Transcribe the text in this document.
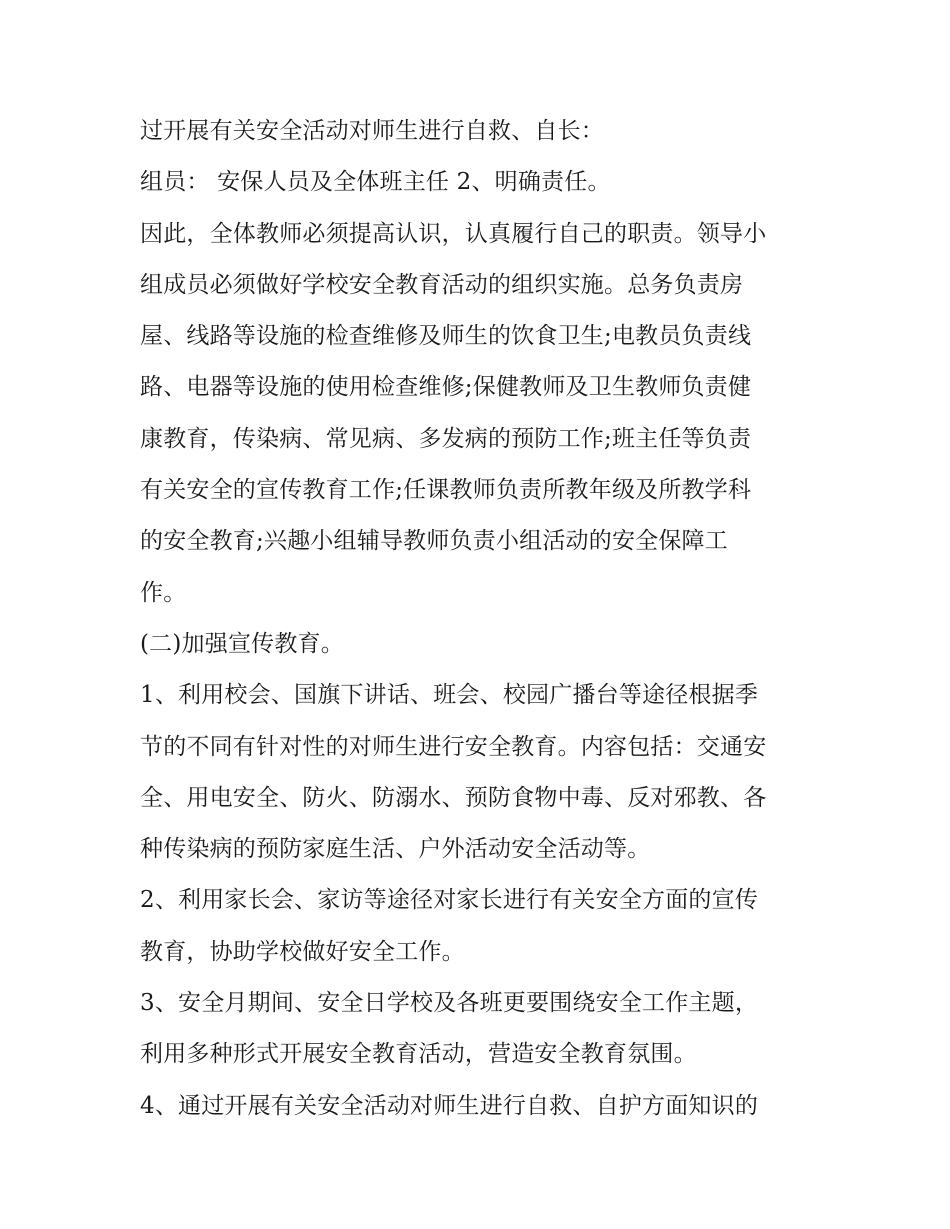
过开展有关安全活动对师生进行自救、自长：
组员： 安保人员及全体班主任 2、明确责任。
因此，全体教师必须提高认识，认真履行自己的职责。领导小
组成员必须做好学校安全教育活动的组织实施。总务负责房
屋、线路等设施的检查维修及师生的饮食卫生;电教员负责线
路、电器等设施的使用检查维修;保健教师及卫生教师负责健
康教育，传染病、常见病、多发病的预防工作;班主任等负责
有关安全的宣传教育工作;任课教师负责所教年级及所教学科
的安全教育;兴趣小组辅导教师负责小组活动的安全保障工
作。
(二)加强宣传教育。
1、利用校会、国旗下讲话、班会、校园广播台等途径根据季
节的不同有针对性的对师生进行安全教育。内容包括：交通安
全、用电安全、防火、防溺水、预防食物中毒、反对邪教、各
种传染病的预防家庭生活、户外活动安全活动等。
2、利用家长会、家访等途径对家长进行有关安全方面的宣传
教育，协助学校做好安全工作。
3、安全月期间、安全日学校及各班更要围绕安全工作主题，
利用多种形式开展安全教育活动，营造安全教育氛围。
4、通过开展有关安全活动对师生进行自救、自护方面知识的
